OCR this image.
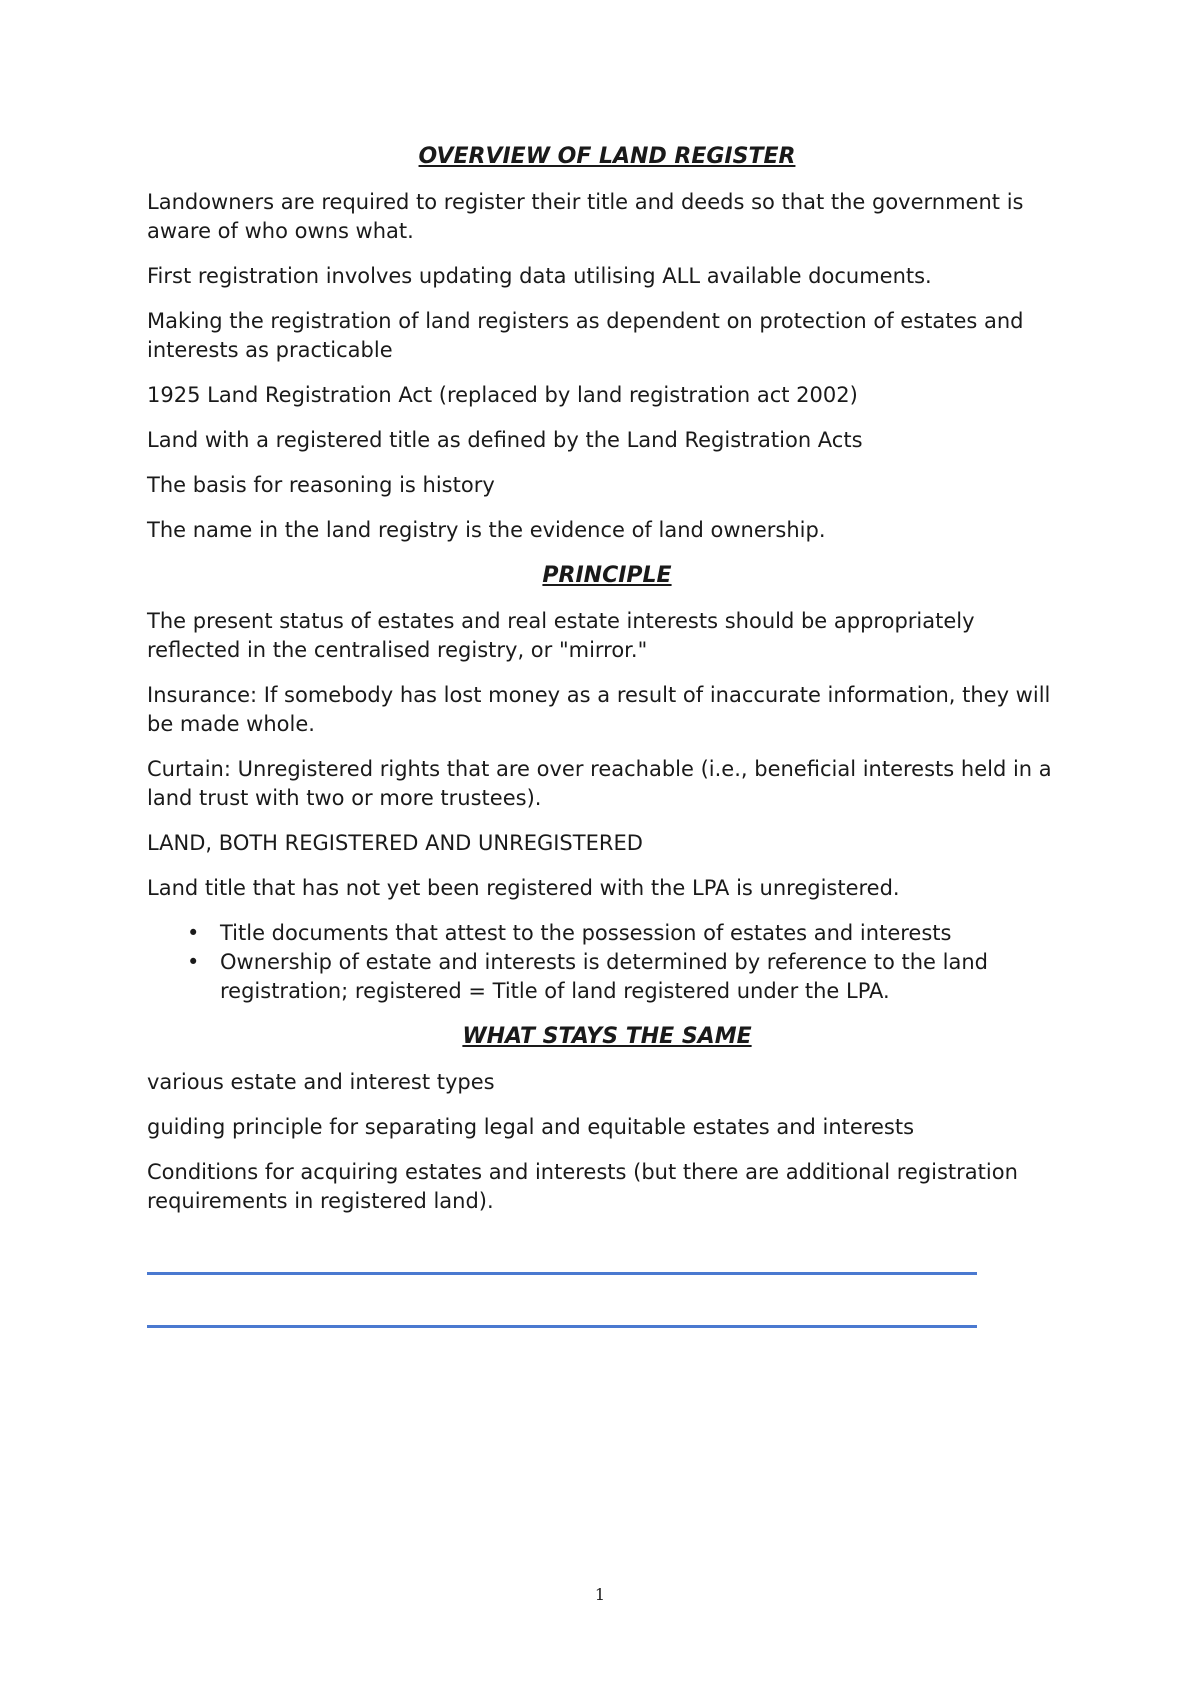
OVERVIEW OF LAND REGISTER

Landowners are required to register their title and deeds so that the government is aware of who owns what.

First registration involves updating data utilising ALL available documents.

Making the registration of land registers as dependent on protection of estates and interests as practicable

1925 Land Registration Act (replaced by land registration act 2002)

Land with a registered title as defined by the Land Registration Acts

The basis for reasoning is history

The name in the land registry is the evidence of land ownership.

PRINCIPLE

The present status of estates and real estate interests should be appropriately reflected in the centralised registry, or "mirror."

Insurance: If somebody has lost money as a result of inaccurate information, they will be made whole.

Curtain: Unregistered rights that are over reachable (i.e., beneficial interests held in a land trust with two or more trustees).

LAND, BOTH REGISTERED AND UNREGISTERED

Land title that has not yet been registered with the LPA is unregistered.

• Title documents that attest to the possession of estates and interests
• Ownership of estate and interests is determined by reference to the land registration; registered = Title of land registered under the LPA.
WHAT STAYS THE SAME

various estate and interest types

guiding principle for separating legal and equitable estates and interests

Conditions for acquiring estates and interests (but there are additional registration requirements in registered land).

1
